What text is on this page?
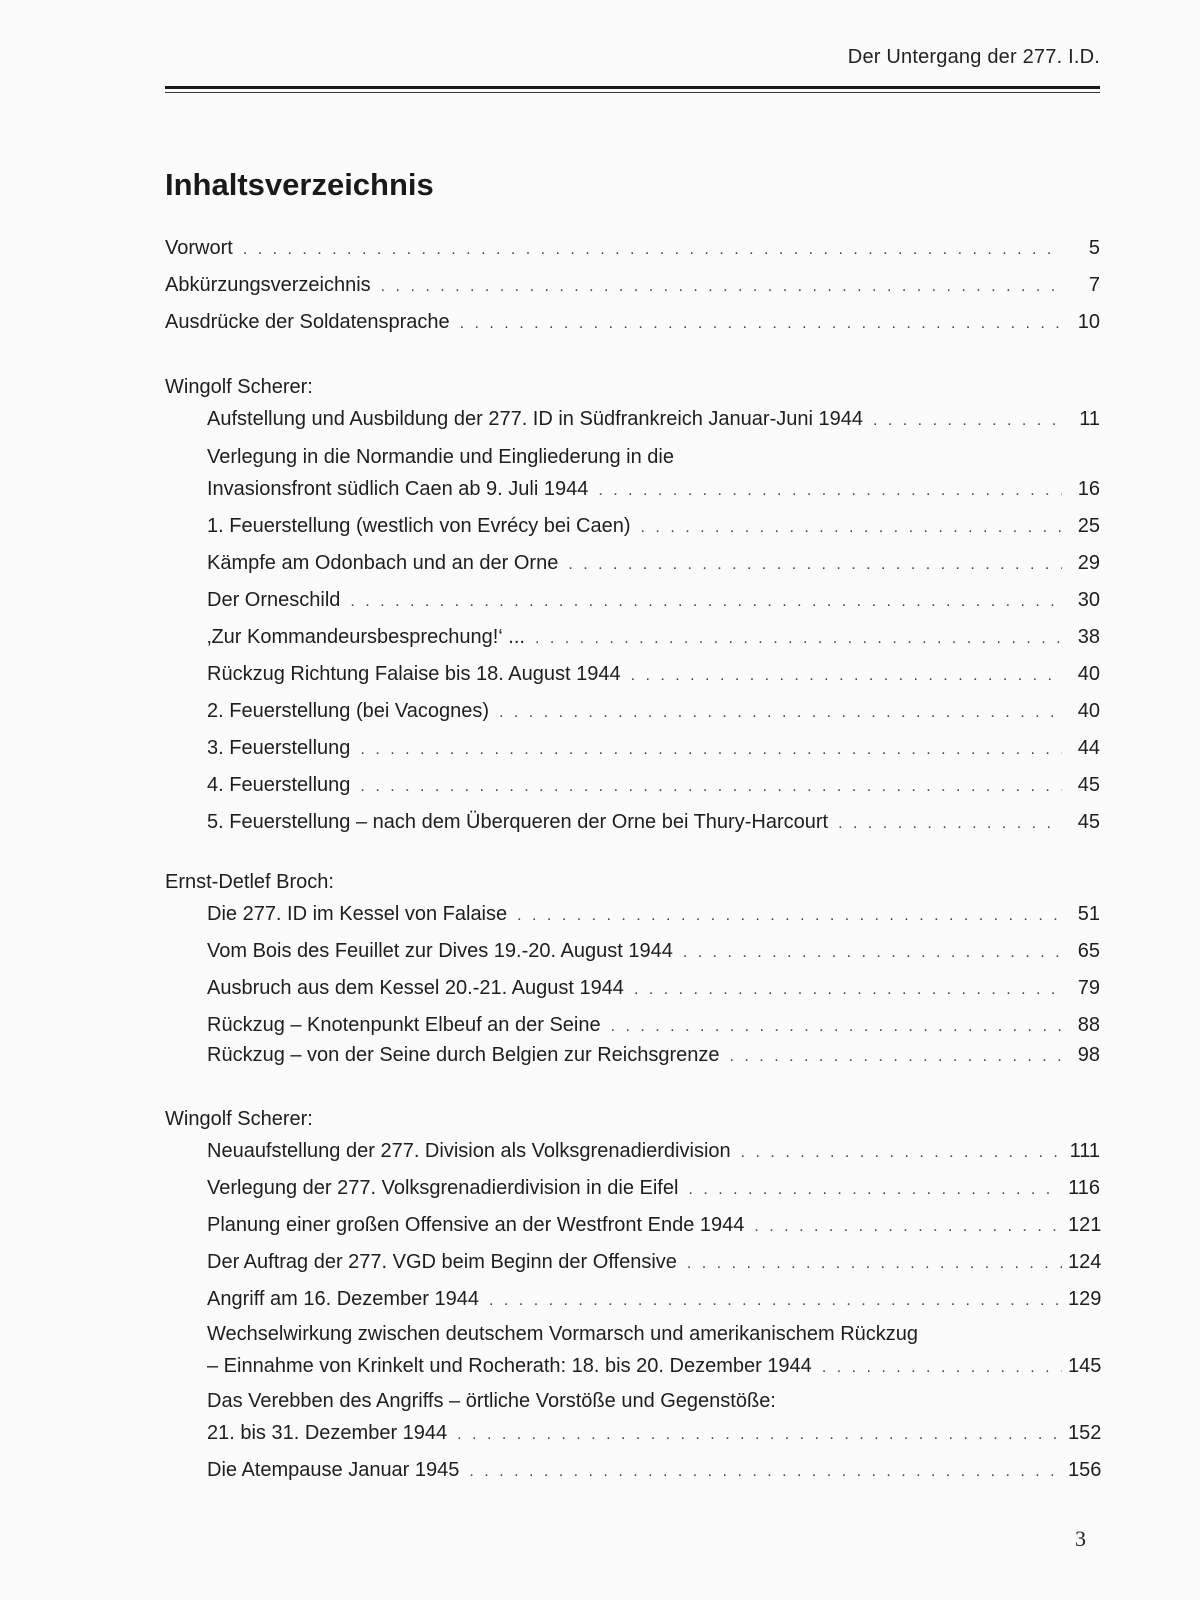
Der Untergang der 277. I.D.
Inhaltsverzeichnis
Vorwort . . .	5
Abkürzungsverzeichnis . . .	7
Ausdrücke der Soldatensprache . . .	10
Wingolf Scherer:
Aufstellung und Ausbildung der 277. ID in Südfrankreich Januar-Juni 1944 . . .	11
Verlegung in die Normandie und Eingliederung in die
Invasionsfront südlich Caen ab 9. Juli 1944 . . .	16
1. Feuerstellung (westlich von Evrécy bei Caen) . . .	25
Kämpfe am Odonbach und an der Orne . . .	29
Der Orneschild . . .	30
‚Zur Kommandeursbesprechung!‘ ... . . .	38
Rückzug Richtung Falaise bis 18. August 1944 . . .	40
2. Feuerstellung (bei Vacognes) . . .	40
3. Feuerstellung . . .	44
4. Feuerstellung . . .	45
5. Feuerstellung – nach dem Überqueren der Orne bei Thury-Harcourt . . .	45
Ernst-Detlef Broch:
Die 277. ID im Kessel von Falaise . . .	51
Vom Bois des Feuillet zur Dives 19.-20. August 1944 . . .	65
Ausbruch aus dem Kessel 20.-21. August 1944 . . .	79
Rückzug – Knotenpunkt Elbeuf an der Seine . . .	88
Rückzug – von der Seine durch Belgien zur Reichsgrenze . . .	98
Wingolf Scherer:
Neuaufstellung der 277. Division als Volksgrenadierdivision . . .	111
Verlegung der 277. Volksgrenadierdivision in die Eifel . . .	116
Planung einer großen Offensive an der Westfront Ende 1944 . . .	121
Der Auftrag der 277. VGD beim Beginn der Offensive . . .	124
Angriff am 16. Dezember 1944 . . .	129
Wechselwirkung zwischen deutschem Vormarsch und amerikanischem Rückzug
– Einnahme von Krinkelt und Rocherath: 18. bis 20. Dezember 1944 . . .	145
Das Verebben des Angriffs – örtliche Vorstöße und Gegenstöße:
21. bis 31. Dezember 1944 . . .	152
Die Atempause Januar 1945 . . .	156
3
